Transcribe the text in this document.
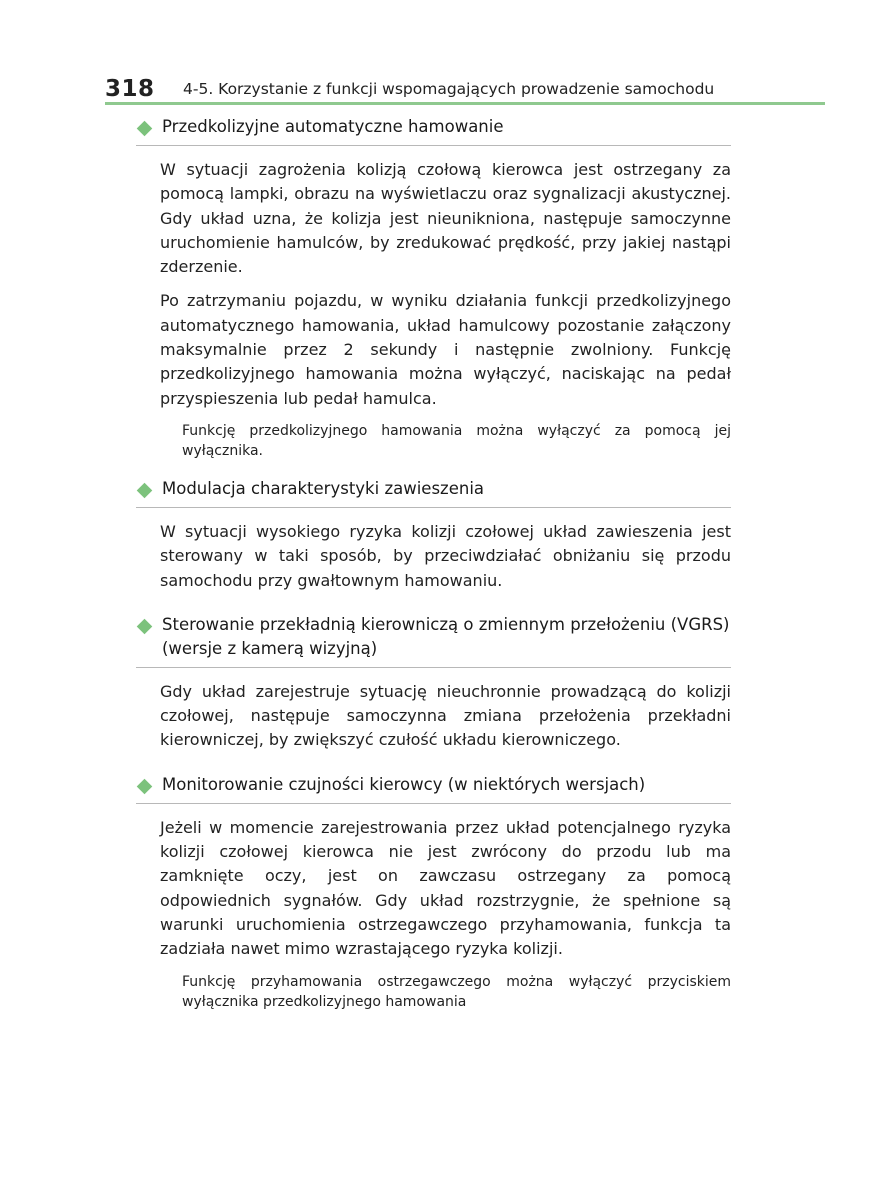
318 4-5. Korzystanie z funkcji wspomagających prowadzenie samochodu
Przedkolizyjne automatyczne hamowanie

W sytuacji zagrożenia kolizją czołową kierowca jest ostrzegany za pomocą lampki, obrazu na wyświetlaczu oraz sygnalizacji akustycznej. Gdy układ uzna, że kolizja jest nieunikniona, następuje samoczynne uruchomienie hamulców, by zredukować prędkość, przy jakiej nastąpi zderzenie.

Po zatrzymaniu pojazdu, w wyniku działania funkcji przedkolizyjnego automatycznego hamowania, układ hamulcowy pozostanie załączony maksymalnie przez 2 sekundy i następnie zwolniony. Funkcję przedkolizyjnego hamowania można wyłączyć, naciskając na pedał przyspieszenia lub pedał hamulca.

Funkcję przedkolizyjnego hamowania można wyłączyć za pomocą jej wyłącznika.

Modulacja charakterystyki zawieszenia

W sytuacji wysokiego ryzyka kolizji czołowej układ zawieszenia jest sterowany w taki sposób, by przeciwdziałać obniżaniu się przodu samochodu przy gwałtownym hamowaniu.

Sterowanie przekładnią kierowniczą o zmiennym przełożeniu (VGRS) (wersje z kamerą wizyjną)

Gdy układ zarejestruje sytuację nieuchronnie prowadzącą do kolizji czołowej, następuje samoczynna zmiana przełożenia przekładni kierowniczej, by zwiększyć czułość układu kierowniczego.

Monitorowanie czujności kierowcy (w niektórych wersjach)

Jeżeli w momencie zarejestrowania przez układ potencjalnego ryzyka kolizji czołowej kierowca nie jest zwrócony do przodu lub ma zamknięte oczy, jest on zawczasu ostrzegany za pomocą odpowiednich sygnałów. Gdy układ rozstrzygnie, że spełnione są warunki uruchomienia ostrzegawczego przyhamowania, funkcja ta zadziała nawet mimo wzrastającego ryzyka kolizji.

Funkcję przyhamowania ostrzegawczego można wyłączyć przyciskiem wyłącznika przedkolizyjnego hamowania
